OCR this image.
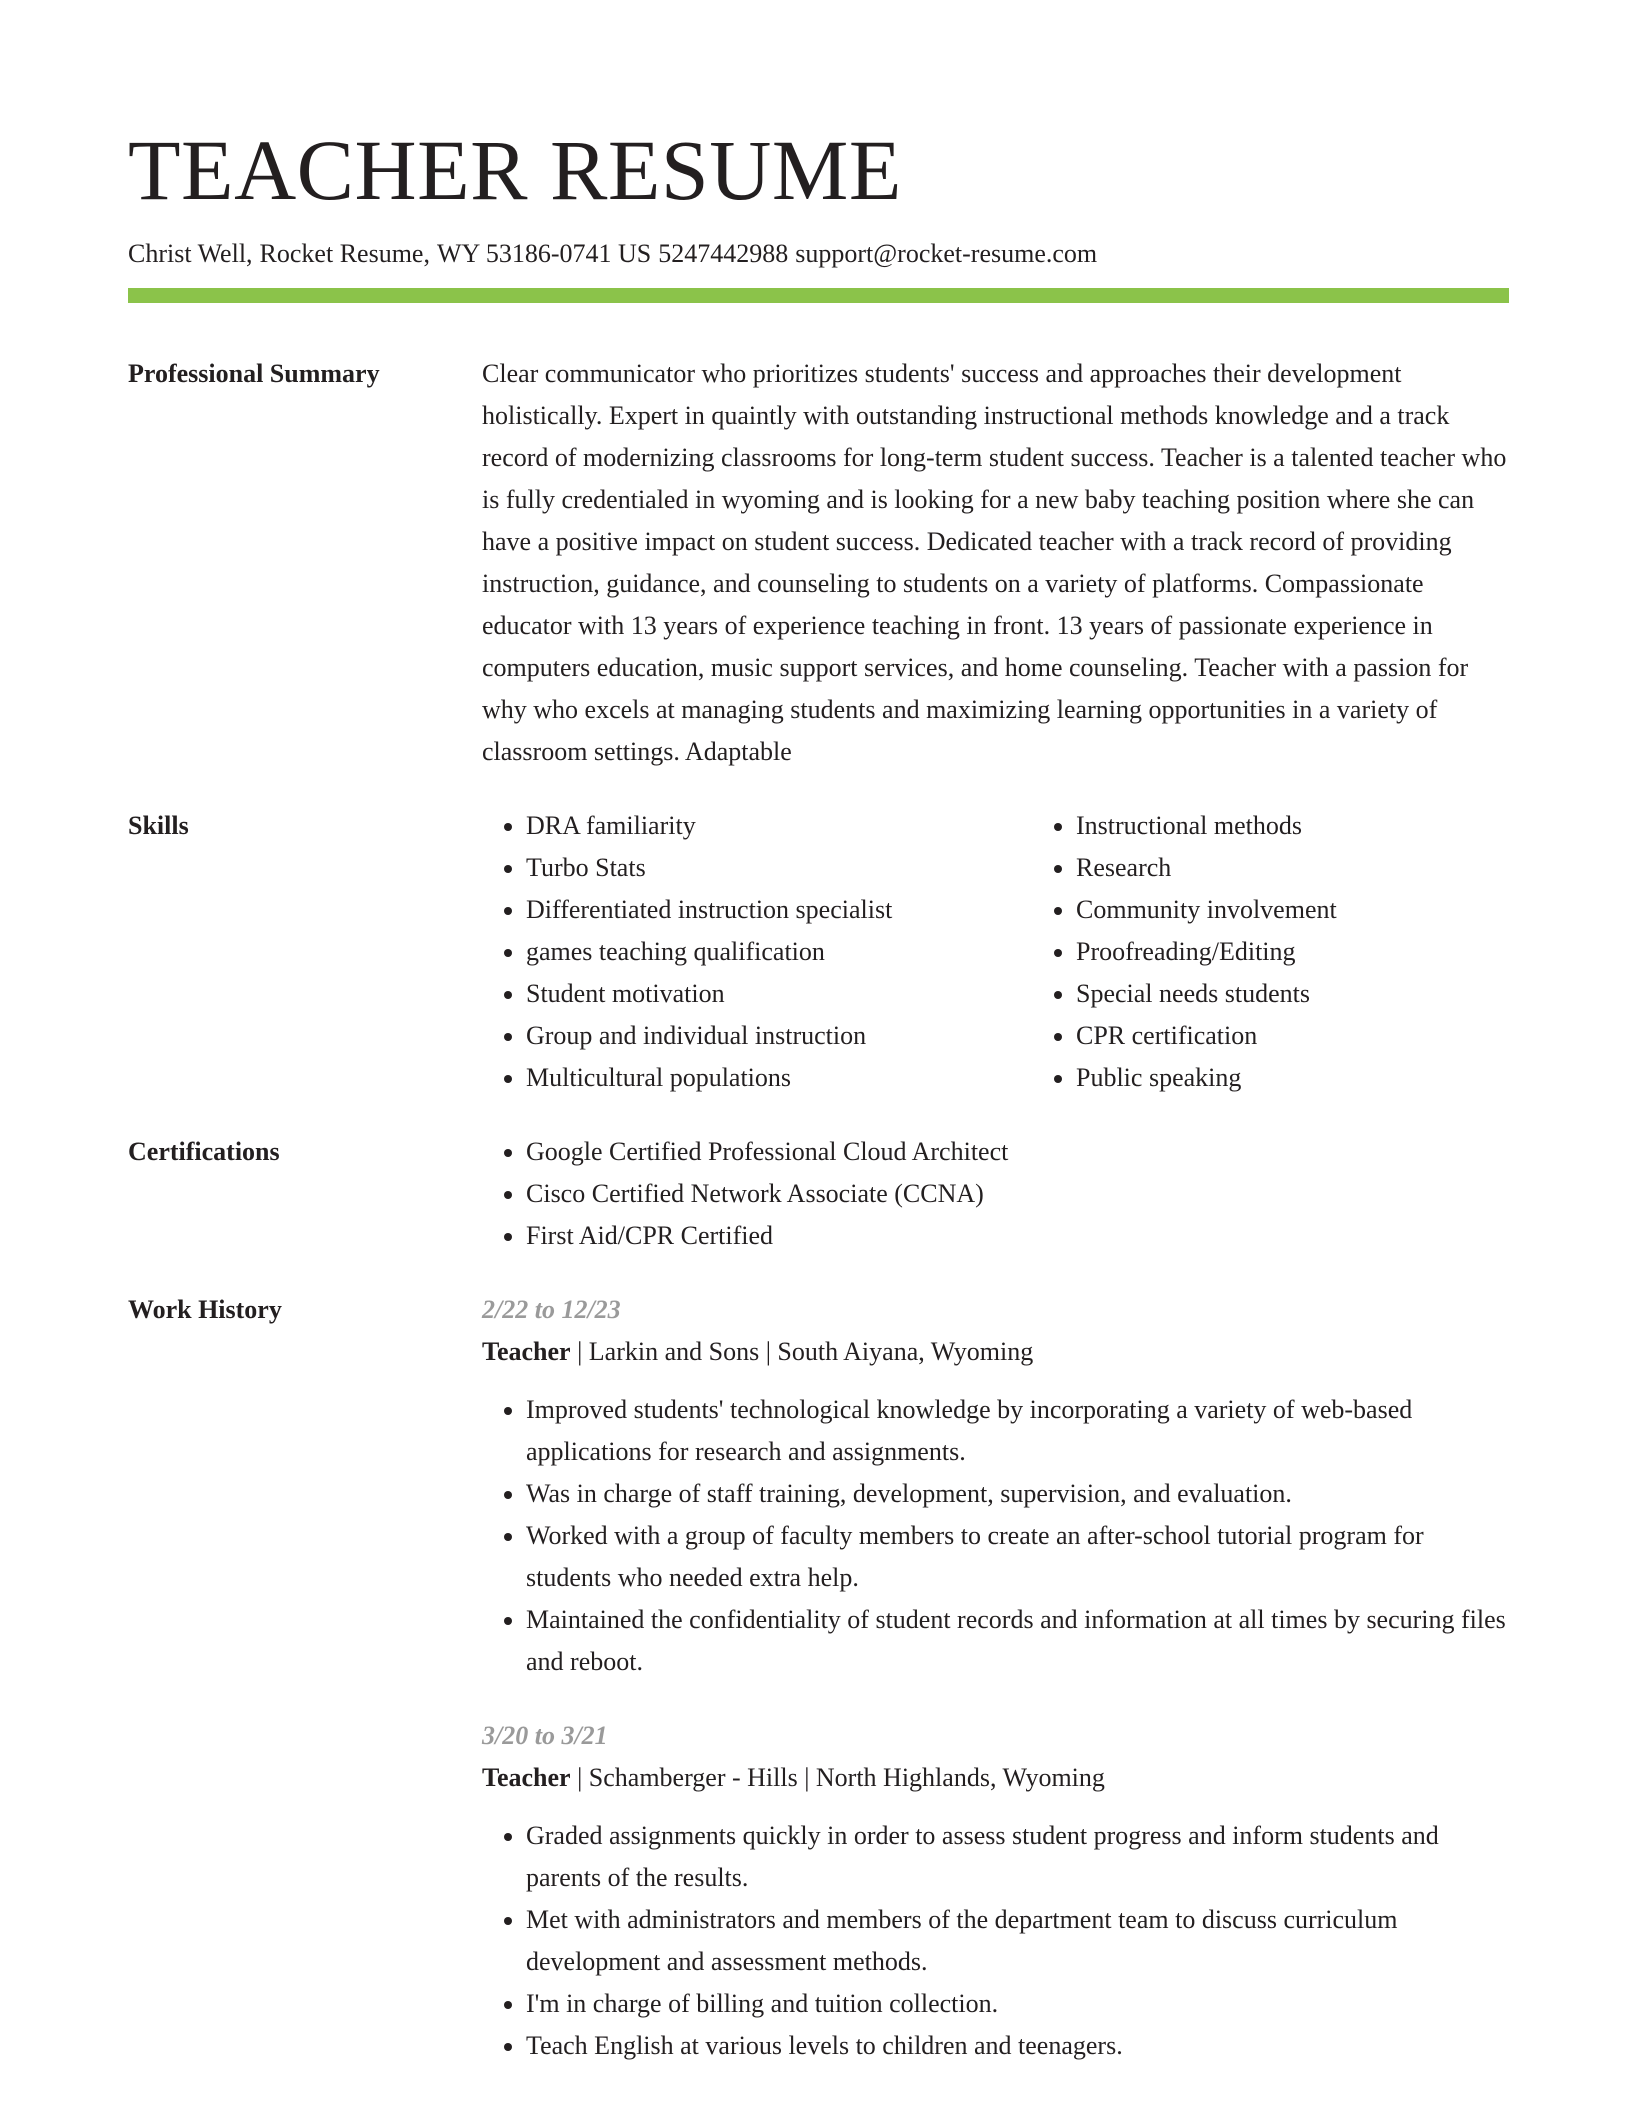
TEACHER RESUME
Christ Well, Rocket Resume, WY 53186-0741 US 5247442988 support@rocket-resume.com
Professional Summary	Clear communicator who prioritizes students' success and approaches their development holistically. Expert in quaintly with outstanding instructional methods knowledge and a track record of modernizing classrooms for long-term student success. Teacher is a talented teacher who is fully credentialed in wyoming and is looking for a new baby teaching position where she can have a positive impact on student success. Dedicated teacher with a track record of providing instruction, guidance, and counseling to students on a variety of platforms. Compassionate educator with 13 years of experience teaching in front. 13 years of passionate experience in computers education, music support services, and home counseling. Teacher with a passion for why who excels at managing students and maximizing learning opportunities in a variety of classroom settings. Adaptable
Skills	• DRA familiarity
• Turbo Stats
• Differentiated instruction specialist
• games teaching qualification
• Student motivation
• Group and individual instruction
• Multicultural populations
• Instructional methods
• Research
• Community involvement
• Proofreading/Editing
• Special needs students
• CPR certification
• Public speaking
Certifications	• Google Certified Professional Cloud Architect
• Cisco Certified Network Associate (CCNA)
• First Aid/CPR Certified
Work History	2/22 to 12/23
Teacher | Larkin and Sons | South Aiyana, Wyoming
• Improved students' technological knowledge by incorporating a variety of web-based applications for research and assignments.
• Was in charge of staff training, development, supervision, and evaluation.
• Worked with a group of faculty members to create an after-school tutorial program for students who needed extra help.
• Maintained the confidentiality of student records and information at all times by securing files and reboot.
3/20 to 3/21
Teacher | Schamberger - Hills | North Highlands, Wyoming
• Graded assignments quickly in order to assess student progress and inform students and parents of the results.
• Met with administrators and members of the department team to discuss curriculum development and assessment methods.
• I'm in charge of billing and tuition collection.
• Teach English at various levels to children and teenagers.
